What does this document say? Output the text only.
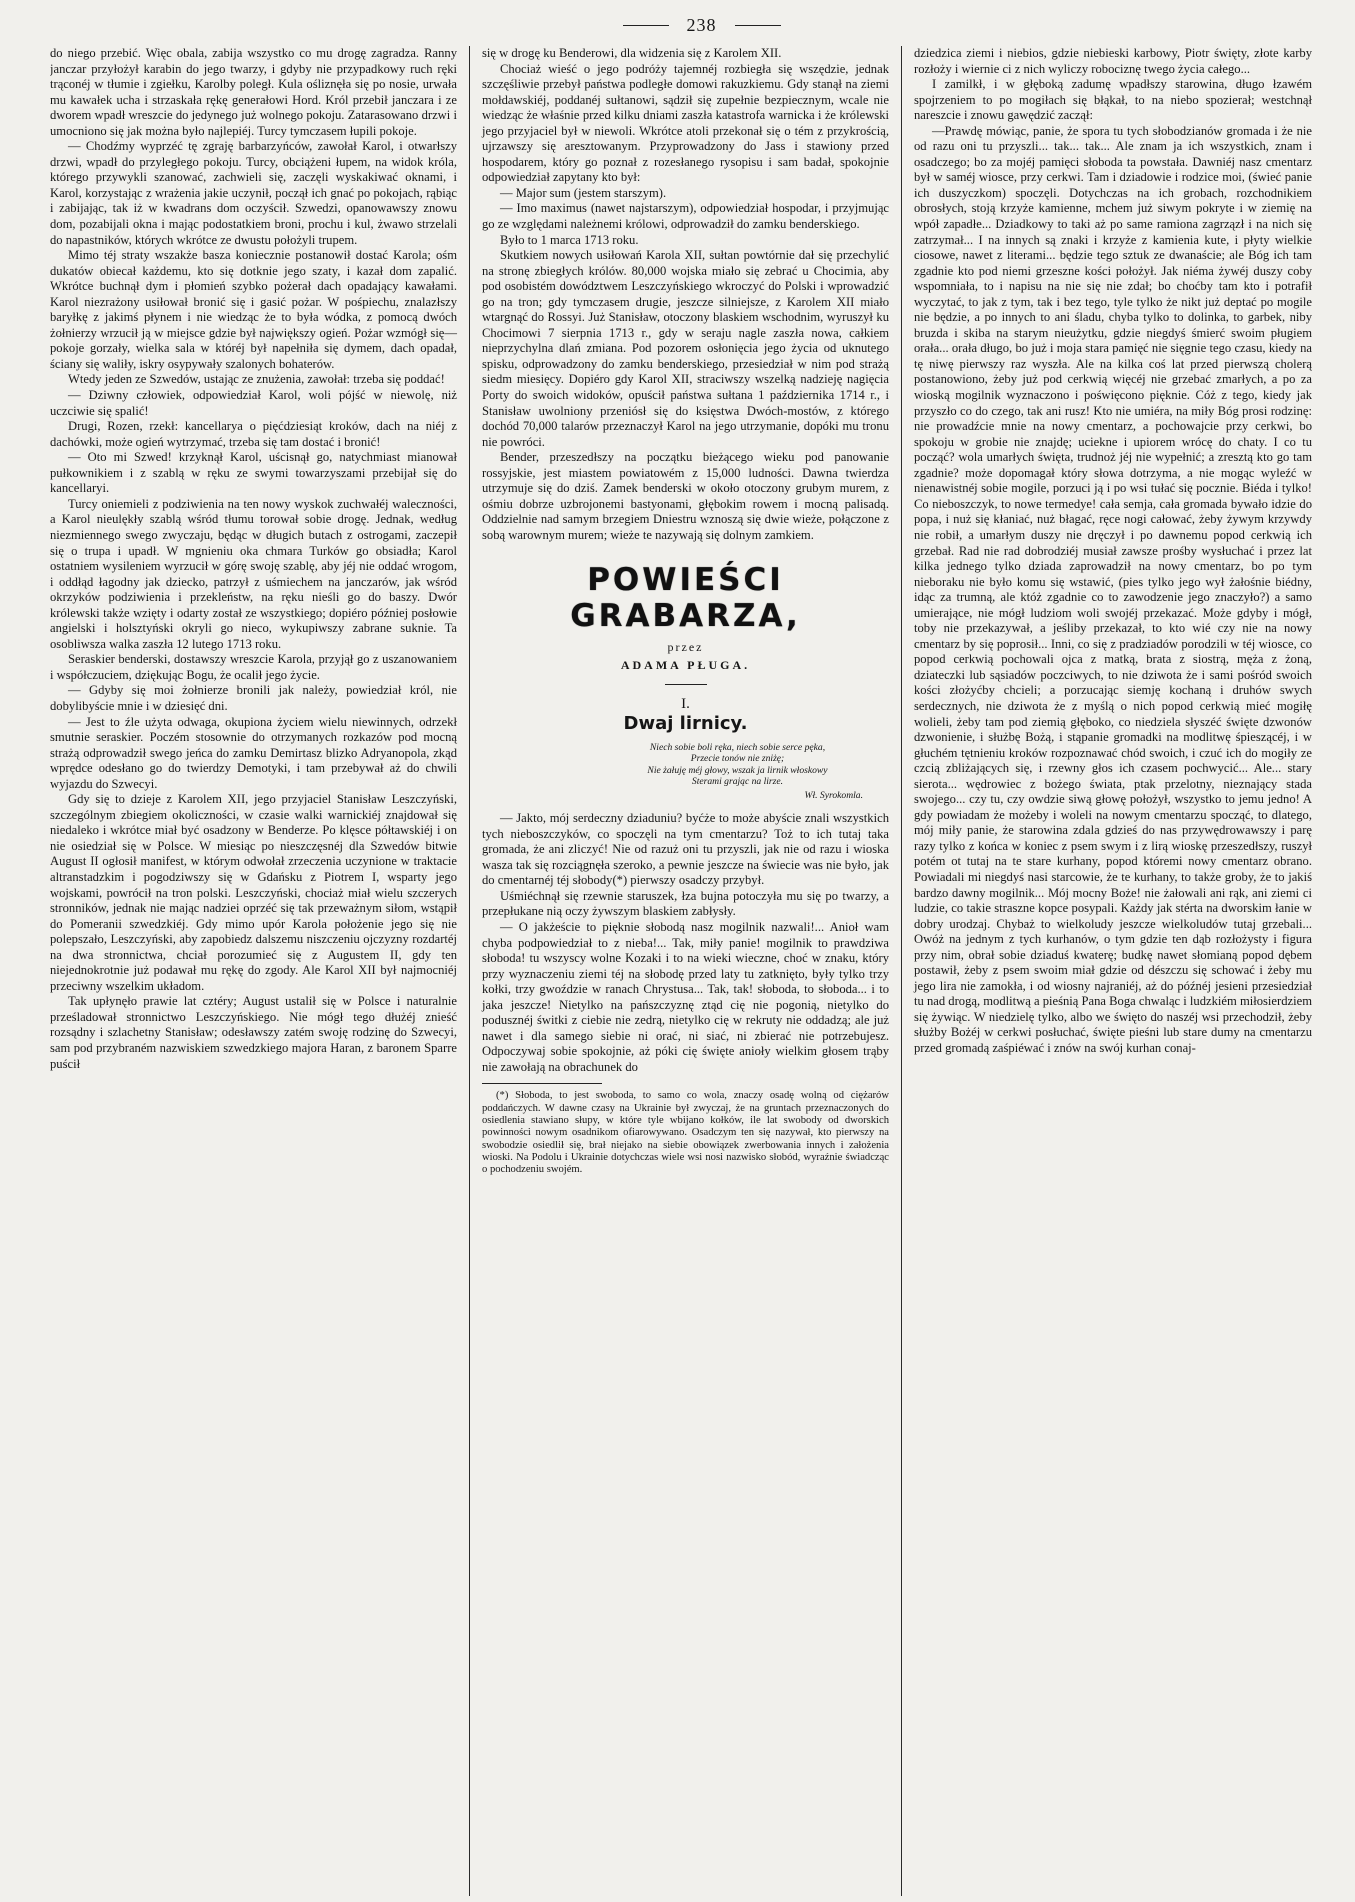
238

do niego przebić. Więc obala, zabija wszystko co mu drogę zagradza. Ranny janczar przyłożył karabin do jego twarzy, i gdyby nie przypadkowy ruch ręki trąconéj w tłumie i zgiełku, Karolby poległ. Kula ośliznęła się po nosie, urwała mu kawałek ucha i strzaskała rękę generałowi Hord. Król przebił janczara i ze dworem wpadł wreszcie do jedynego już wolnego pokoju. Zatarasowano drzwi i umocniono się jak można było najlepiéj. Turcy tymczasem łupili pokoje.

— Chodźmy wyprzéć tę zgraję barbarzyńców, zawołał Karol, i otwarłszy drzwi, wpadł do przyległego pokoju. Turcy, obciążeni łupem, na widok króla, którego przywykli szanować, zachwieli się, zaczęli wyskakiwać oknami, i Karol, korzystając z wrażenia jakie uczynił, począł ich gnać po pokojach, rąbiąc i zabijając, tak iż w kwadrans dom oczyścił. Szwedzi, opanowawszy znowu dom, pozabijali okna i mając podostatkiem broni, prochu i kul, żwawo strzelali do napastników, których wkrótce ze dwustu położyli trupem.

Mimo téj straty wszakże basza koniecznie postanowił dostać Karola; ośm dukatów obiecał każdemu, kto się dotknie jego szaty, i kazał dom zapalić. Wkrótce buchnął dym i płomień szybko pożerał dach opadający kawałami. Karol niezrażony usiłował bronić się i gasić pożar. W pośpiechu, znalazłszy baryłkę z jakimś płynem i nie wiedząc że to była wódka, z pomocą dwóch żołnierzy wrzucił ją w miejsce gdzie był największy ogień. Pożar wzmógł się—pokoje gorzały, wielka sala w któréj był napełniła się dymem, dach opadał, ściany się waliły, iskry osypywały szalonych bohaterów.

Wtedy jeden ze Szwedów, ustając ze znużenia, zawołał: trzeba się poddać!

— Dziwny człowiek, odpowiedział Karol, woli pójść w niewolę, niż uczciwie się spalić!

Drugi, Rozen, rzekł: kancellarya o pięćdziesiąt kroków, dach na niéj z dachówki, może ogień wytrzymać, trzeba się tam dostać i bronić!

— Oto mi Szwed! krzyknął Karol, uścisnął go, natychmiast mianował pułkownikiem i z szablą w ręku ze swymi towarzyszami przebijał się do kancellaryi.

Turcy oniemieli z podziwienia na ten nowy wyskok zuchwałéj waleczności, a Karol nieulękły szablą wśród tłumu torował sobie drogę. Jednak, według niezmiennego swego zwyczaju, będąc w długich butach z ostrogami, zaczepił się o trupa i upadł. W mgnieniu oka chmara Turków go obsiadła; Karol ostatniem wysileniem wyrzucił w górę swoję szablę, aby jéj nie oddać wrogom, i oddłąd łagodny jak dziecko, patrzył z uśmiechem na janczarów, jak wśród okrzyków podziwienia i przekleństw, na ręku nieśli go do baszy. Dwór królewski także wzięty i odarty został ze wszystkiego; dopiéro później posłowie angielski i holsztyński okryli go nieco, wykupiwszy zabrane suknie. Ta osobliwsza walka zaszła 12 lutego 1713 roku.

Seraskier benderski, dostawszy wreszcie Karola, przyjął go z uszanowaniem i współczuciem, dziękując Bogu, że ocalił jego życie.

— Gdyby się moi żołnierze bronili jak należy, powiedział król, nie dobylibyście mnie i w dziesięć dni.

— Jest to źle użyta odwaga, okupiona życiem wielu niewinnych, odrzekł smutnie seraskier. Poczém stosownie do otrzymanych rozkazów pod mocną strażą odprowadził swego jeńca do zamku Demirtasz blizko Adryanopola, zkąd wprędce odesłano go do twierdzy Demotyki, i tam przebywał aż do chwili wyjazdu do Szwecyi.

Gdy się to dzieje z Karolem XII, jego przyjaciel Stanisław Leszczyński, szczególnym zbiegiem okoliczności, w czasie walki warnickiéj znajdował się niedaleko i wkrótce miał być osadzony w Benderze. Po klęsce półtawskiéj i on nie osiedział się w Polsce. W miesiąc po nieszczęsnéj dla Szwedów bitwie August II ogłosił manifest, w którym odwołał zrzeczenia uczynione w traktacie altranstadzkim i pogodziwszy się w Gdańsku z Piotrem I, wsparty jego wojskami, powrócił na tron polski. Leszczyński, chociaż miał wielu szczerych stronników, jednak nie mając nadziei oprzéć się tak przeważnym siłom, wstąpił do Pomeranii szwedzkiéj. Gdy mimo upór Karola położenie jego się nie polepszało, Leszczyński, aby zapobiedz dalszemu niszczeniu ojczyzny rozdartéj na dwa stronnictwa, chciał porozumieć się z Augustem II, gdy ten niejednokrotnie już podawał mu rękę do zgody. Ale Karol XII był najmocniéj przeciwny wszelkim układom.

Tak upłynęło prawie lat cztéry; August ustalił się w Polsce i naturalnie prześladował stronnictwo Leszczyńskiego. Nie mógł tego dłużéj znieść rozsądny i szlachetny Stanisław; odesławszy zatém swoję rodzinę do Szwecyi, sam pod przybraném nazwiskiem szwedzkiego majora Haran, z baronem Sparre puścił

się w drogę ku Benderowi, dla widzenia się z Karolem XII.

Chociaż wieść o jego podróży tajemnéj rozbiegła się wszędzie, jednak szczęśliwie przebył państwa podległe domowi rakuzkiemu. Gdy stanął na ziemi mołdawskiéj, poddanéj sułtanowi, sądził się zupełnie bezpiecznym, wcale nie wiedząc że właśnie przed kilku dniami zaszła katastrofa warnicka i że królewski jego przyjaciel był w niewoli. Wkrótce atoli przekonał się o tém z przykrością, ujrzawszy się aresztowanym. Przyprowadzony do Jass i stawiony przed hospodarem, który go poznał z rozesłanego rysopisu i sam badał, spokojnie odpowiedział zapytany kto był:

— Major sum (jestem starszym).

— Imo maximus (nawet najstarszym), odpowiedział hospodar, i przyjmując go ze względami należnemi królowi, odprowadził do zamku benderskiego.

Było to 1 marca 1713 roku.

Skutkiem nowych usiłowań Karola XII, sułtan powtórnie dał się przechylić na stronę zbiegłych królów. 80,000 wojska miało się zebrać u Chocimia, aby pod osobistém dowództwem Leszczyńskiego wkroczyć do Polski i wprowadzić go na tron; gdy tymczasem drugie, jeszcze silniejsze, z Karolem XII miało wtargnąć do Rossyi. Już Stanisław, otoczony blaskiem wschodnim, wyruszył ku Chocimowi 7 sierpnia 1713 r., gdy w seraju nagle zaszła nowa, całkiem nieprzychylna dlań zmiana. Pod pozorem osłonięcia jego życia od uknutego spisku, odprowadzony do zamku benderskiego, przesiedział w nim pod strażą siedm miesięcy. Dopiéro gdy Karol XII, straciwszy wszelką nadzieję nagięcia Porty do swoich widoków, opuścił państwa sułtana 1 października 1714 r., i Stanisław uwolniony przeniósł się do księstwa Dwóch-mostów, z którego dochód 70,000 talarów przeznaczył Karol na jego utrzymanie, dopóki mu tronu nie powróci.

Bender, przeszedłszy na początku bieżącego wieku pod panowanie rossyjskie, jest miastem powiatowém z 15,000 ludności. Dawna twierdza utrzymuje się do dziś. Zamek benderski w około otoczony grubym murem, z ośmiu dobrze uzbrojonemi bastyonami, głębokim rowem i mocną palisadą. Oddzielnie nad samym brzegiem Dniestru wznoszą się dwie wieże, połączone z sobą warownym murem; wieże te nazywają się dolnym zamkiem.

POWIEŚCI GRABARZA,
przez
ADAMA PŁUGA.
I.
Dwaj lirnicy.
Niech sobie boli ręka, niech sobie serce pęka,
Przecie tonów nie zniżę;
Nie żałuję méj głowy, wszak ja lirnik włoskowy
Sterami grając na lirze.
Wł. Syrokomla.

— Jakto, mój serdeczny dziaduniu? byćże to może abyście znali wszystkich tych nieboszczyków, co spoczęli na tym cmentarzu? Toż to ich tutaj taka gromada, że ani zliczyć! Nie od razuż oni tu przyszli, jak nie od razu i wioska wasza tak się rozciągnęła szeroko, a pewnie jeszcze na świecie was nie było, jak do cmentarnéj téj słobody(*) pierwszy osadczy przybył.

Uśmiéchnął się rzewnie staruszek, łza bujna potoczyła mu się po twarzy, a przepłukane nią oczy żywszym blaskiem zabłysły.

— O jakżeście to pięknie słobodą nasz mogilnik nazwali!... Anioł wam chyba podpowiedział to z nieba!... Tak, miły panie! mogilnik to prawdziwa słoboda! tu wszyscy wolne Kozaki i to na wieki wieczne, choć w znaku, który przy wyznaczeniu ziemi téj na słobodę przed laty tu zatknięto, były tylko trzy kołki, trzy gwoździe w ranach Chrystusa... Tak, tak! słoboda, to słoboda... i to jaka jeszcze! Nietylko na pańszczyznę ztąd cię nie pogonią, nietylko do podusznéj świtki z ciebie nie zedrą, nietylko cię w rekruty nie oddadzą; ale już nawet i dla samego siebie ni orać, ni siać, ni zbierać nie potrzebujesz. Odpoczywaj sobie spokojnie, aż póki cię święte anioły wielkim głosem trąby nie zawołają na obrachunek do

(*) Słoboda, to jest swoboda, to samo co wola, znaczy osadę wolną od ciężarów poddańczych. W dawne czasy na Ukrainie był zwyczaj, że na gruntach przeznaczonych do osiedlenia stawiano słupy, w które tyle wbijano kołków, ile lat swobody od dworskich powinności nowym osadnikom ofiarowywano. Osadczym ten się nazywał, kto pierwszy na swobodzie osiedlił się, brał niejako na siebie obowiązek zwerbowania innych i założenia wioski. Na Podolu i Ukrainie dotychczas wiele wsi nosi nazwisko słobód, wyraźnie świadcząc o pochodzeniu swojém.

dziedzica ziemi i niebios, gdzie niebieski karbowy, Piotr święty, złote karby rozłoży i wiernie ci z nich wyliczy robociznę twego życia całego...

I zamilkł, i w głęboką zadumę wpadłszy starowina, długo łzawém spojrzeniem to po mogiłach się błąkał, to na niebo spozierał; westchnął nareszcie i znowu gawędzić zaczął:

—Prawdę mówiąc, panie, że spora tu tych słobodzianów gromada i że nie od razu oni tu przyszli... tak... tak... Ale znam ja ich wszystkich, znam i osadczego; bo za mojéj pamięci słoboda ta powstała. Dawniéj nasz cmentarz był w saméj wiosce, przy cerkwi. Tam i dziadowie i rodzice moi, (świeć panie ich duszyczkom) spoczęli. Dotychczas na ich grobach, rozchodnikiem obrosłych, stoją krzyże kamienne, mchem już siwym pokryte i w ziemię na wpół zapadłe... Dziadkowy to taki aż po same ramiona zagrzązł i na nich się zatrzymał... I na innych są znaki i krzyże z kamienia kute, i płyty wielkie ciosowe, nawet z literami... będzie tego sztuk ze dwanaście; ale Bóg ich tam zgadnie kto pod niemi grzeszne kości położył. Jak niéma żywéj duszy coby wspomniała, to i napisu na nie się nie zdał; bo choćby tam kto i potrafił wyczytać, to jak z tym, tak i bez tego, tyle tylko że nikt już deptać po mogile nie będzie, a po innych to ani śladu, chyba tylko to dolinka, to garbek, niby bruzda i skiba na starym nieużytku, gdzie niegdyś śmierć swoim pługiem orała... orała długo, bo już i moja stara pamięć nie sięgnie tego czasu, kiedy na tę niwę pierwszy raz wyszła. Ale na kilka coś lat przed pierwszą cholerą postanowiono, żeby już pod cerkwią więcéj nie grzebać zmarłych, a po za wioską mogilnik wyznaczono i poświęcono pięknie. Cóż z tego, kiedy jak przyszło co do czego, tak ani rusz! Kto nie umiéra, na miły Bóg prosi rodzinę: nie prowadźcie mnie na nowy cmentarz, a pochowajcie przy cerkwi, bo spokoju w grobie nie znajdę; uciekne i upiorem wrócę do chaty. I co tu począć? wola umarłych święta, trudnoż jéj nie wypełnić; a zresztą kto go tam zgadnie? może dopomagał który słowa dotrzyma, a nie mogąc wyleźć w nienawistnéj sobie mogile, porzuci ją i po wsi tułać się pocznie. Biéda i tylko! Co nieboszczyk, to nowe termedye! cała semja, cała gromada bywało idzie do popa, i nuż się kłaniać, nuż błagać, ręce nogi całować, żeby żywym krzywdy nie robił, a umarłym duszy nie dręczył i po dawnemu popod cerkwią ich grzebał. Rad nie rad dobrodziéj musiał zawsze prośby wysłuchać i przez lat kilka jednego tylko dziada zaprowadził na nowy cmentarz, bo po tym nieboraku nie było komu się wstawić, (pies tylko jego wył żałośnie biédny, idąc za trumną, ale któż zgadnie co to zawodzenie jego znaczyło?) a samo umierające, nie mógł ludziom woli swojéj przekazać. Może gdyby i mógł, toby nie przekazywał, a jeśliby przekazał, to kto wié czy nie na nowy cmentarz by się poprosił... Inni, co się z pradziadów porodzili w téj wiosce, co popod cerkwią pochowali ojca z matką, brata z siostrą, męża z żoną, dziateczki lub sąsiadów poczciwych, to nie dziwota że i sami pośród swoich kości złożyćby chcieli; a porzucając siemję kochaną i druhów swych serdecznych, nie dziwota że z myślą o nich popod cerkwią mieć mogiłę wolieli, żeby tam pod ziemią głęboko, co niedziela słyszéć święte dzwonów dzwonienie, i służbę Bożą, i stąpanie gromadki na modlitwę śpieszącéj, i w głuchém tętnieniu kroków rozpoznawać chód swoich, i czuć ich do mogiły ze czcią zbliżających się, i rzewny głos ich czasem pochwycić... Ale... stary sierota... wędrowiec z bożego świata, ptak przelotny, nieznający stada swojego... czy tu, czy owdzie siwą głowę położył, wszystko to jemu jedno! A gdy powiadam że możeby i woleli na nowym cmentarzu spocząć, to dlatego, mój miły panie, że starowina zdala gdzieś do nas przywędrowawszy i parę razy tylko z końca w koniec z psem swym i z lirą wioskę przeszedłszy, ruszył potém ot tutaj na te stare kurhany, popod któremi nowy cmentarz obrano. Powiadali mi niegdyś nasi starcowie, że te kurhany, to także groby, że to jakiś bardzo dawny mogilnik... Mój mocny Boże! nie żałowali ani rąk, ani ziemi ci ludzie, co takie straszne kopce posypali. Każdy jak stérta na dworskim łanie w dobry urodzaj. Chybaż to wielkoludy jeszcze wielkoludów tutaj grzebali... Owóż na jednym z tych kurhanów, o tym gdzie ten dąb rozłożysty i figura przy nim, obrał sobie dziaduś kwaterę; budkę nawet słomianą popod dębem postawił, żeby z psem swoim miał gdzie od dészczu się schować i żeby mu jego lira nie zamokła, i od wiosny najraniéj, aż do późnéj jesieni przesiedział tu nad drogą, modlitwą a pieśnią Pana Boga chwaląc i ludzkiém miłosierdziem się żywiąc. W niedzielę tylko, albo we święto do naszéj wsi przechodził, żeby służby Bożéj w cerkwi posłuchać, święte pieśni lub stare dumy na cmentarzu przed gromadą zaśpiéwać i znów na swój kurhan conaj-
